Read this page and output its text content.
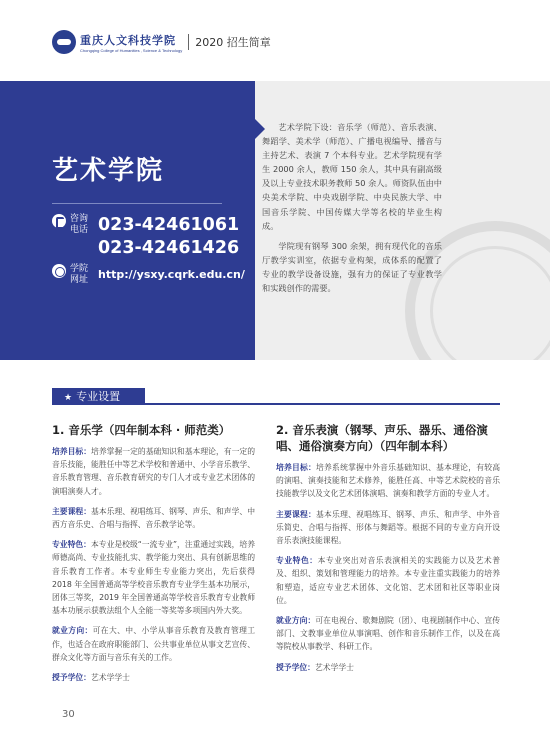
重庆人文科技学院
Chongqing College of Humanities , Science & Technology
2020 招生简章
艺术学院
咨询电话 023-42461061
023-42461426
学院网址 http://ysxy.cqrk.edu.cn/

艺术学院下设：音乐学（师范）、音乐表演、舞蹈学、美术学（师范）、广播电视编导、播音与主持艺术、表演 7 个本科专业。艺术学院现有学生 2000 余人，教师 150 余人，其中具有副高级及以上专业技术职务教师 50 余人。师资队伍由中央美术学院、中央戏剧学院、中央民族大学、中国音乐学院、中国传媒大学等名校的毕业生构成。

学院现有钢琴 300 余架，拥有现代化的音乐厅教学实训室，依据专业构架，成体系的配置了专业的教学设备设施，强有力的保证了专业教学和实践创作的需要。

★ 专业设置
1. 音乐学（四年制本科 · 师范类）
培养目标：培养掌握一定的基础知识和基本理论，有一定的音乐技能，能胜任中等艺术学校和普通中、小学音乐教学、音乐教育管理、音乐教育研究的专门人才或专业艺术团体的演唱演奏人才。
主要课程：基本乐理、视唱练耳、钢琴、声乐、和声学、中西方音乐史、合唱与指挥、音乐教学论等。
专业特色：本专业是校级“一流专业”，注重通过实践，培养师德高尚、专业技能扎实、教学能力突出、具有创新思维的音乐教育工作者。本专业师生专业能力突出，先后获得 2018 年全国普通高等学校音乐教育专业学生基本功展示，团体三等奖，2019 年全国普通高等学校音乐教育专业教师基本功展示获教法组个人全能一等奖等多项国内外大奖。
就业方向：可在大、中、小学从事音乐教育及教育管理工作，也适合在政府职能部门、公共事业单位从事文艺宣传、群众文化等方面与音乐有关的工作。
授予学位：艺术学学士
2. 音乐表演（钢琴、声乐、器乐、通俗演唱、通俗演奏方向）（四年制本科）
培养目标：培养系统掌握中外音乐基础知识、基本理论，有较高的演唱、演奏技能和艺术修养，能胜任高、中等艺术院校的音乐技能教学以及文化艺术团体演唱、演奏和教学方面的专业人才。
主要课程：基本乐理、视唱练耳、钢琴、声乐、和声学、中外音乐简史、合唱与指挥、形体与舞蹈等。根据不同的专业方向开设音乐表演技能课程。
专业特色：本专业突出对音乐表演相关的实践能力以及艺术普及、组织、策划和管理能力的培养。本专业注重实践能力的培养和塑造，适应专业艺术团体、文化馆、艺术团和社区等职业岗位。
就业方向：可在电视台、歌舞剧院（团）、电视剧制作中心、宣传部门、文教事业单位从事演唱、创作和音乐制作工作，以及在高等院校从事教学、科研工作。
授予学位：艺术学学士
30
